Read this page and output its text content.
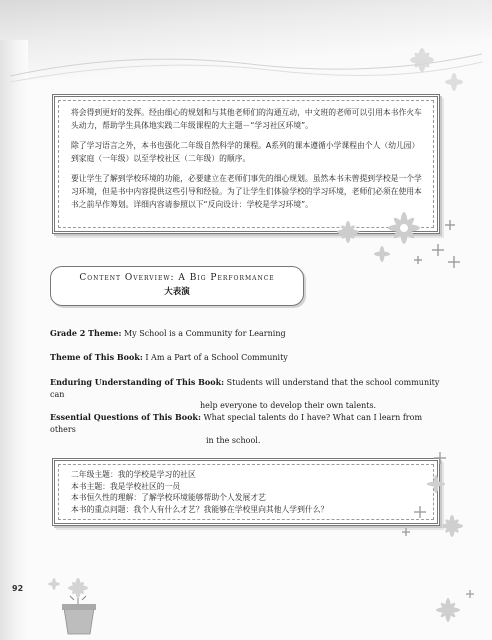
将会得到更好的发挥。经由细心的规划和与其他老师们的沟通互动，中文班的老师可以引用本书作火车头动力，帮助学生具体地实践二年级课程的大主题－“学习社区环境”。

除了学习语言之外，本书也强化二年级自然科学的课程。A系列的课本遵循小学课程由个人（幼儿园）到家庭（一年级）以至学校社区（二年级）的顺序。

要让学生了解到学校环境的功能，必要建立在老师们事先的细心规划。虽然本书未曾提到学校是一个学习环境，但是书中内容提供这些引导和经验。为了让学生们体验学校的学习环境，老师们必须在使用本书之前早作筹划。详细内容请参照以下“反向设计：学校是学习环境”。

Content Overview: A Big Performance
大表演
Grade 2 Theme: My School is a Community for Learning
Theme of This Book: I Am a Part of a School Community
Enduring Understanding of This Book: Students will understand that the school community can
help everyone to develop their own talents.
Essential Questions of This Book: What special talents do I have? What can I learn from others
in the school.
二年级主题：我的学校是学习的社区
本书主题：我是学校社区的一员
本书恒久性的理解：了解学校环境能够帮助个人发展才艺
本书的重点问题：我个人有什么才艺？我能够在学校里向其他人学到什么？
92
